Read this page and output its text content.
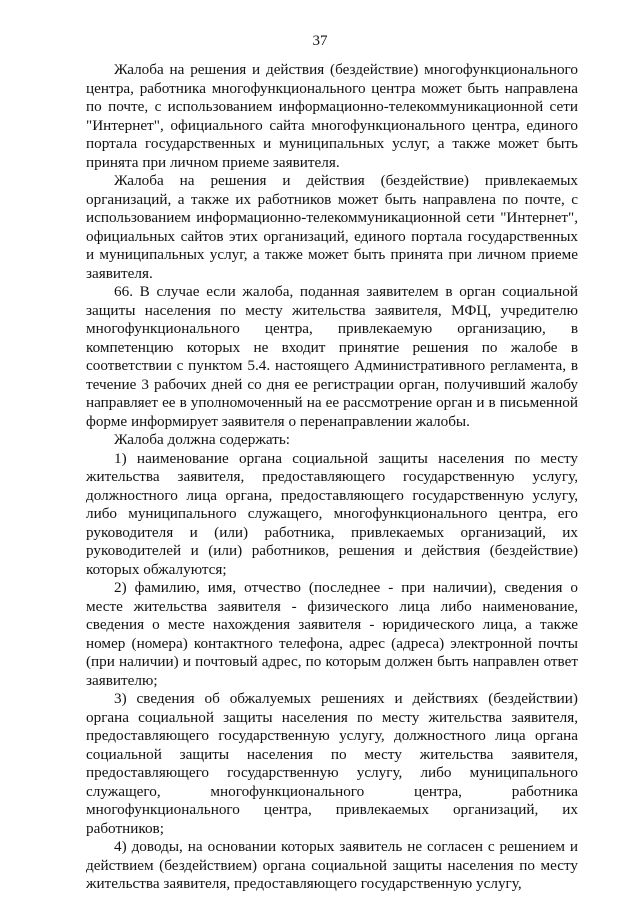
37

Жалоба на решения и действия (бездействие) многофункционального центра, работника многофункционального центра может быть направлена по почте, с использованием информационно-телекоммуникационной сети "Интернет", официального сайта многофункционального центра, единого портала государственных и муниципальных услуг, а также может быть принята при личном приеме заявителя.

Жалоба на решения и действия (бездействие) привлекаемых организаций, а также их работников может быть направлена по почте, с использованием информационно-телекоммуникационной сети "Интернет", официальных сайтов этих организаций, единого портала государственных и муниципальных услуг, а также может быть принята при личном приеме заявителя.

66. В случае если жалоба, поданная заявителем в орган социальной защиты населения по месту жительства заявителя, МФЦ, учредителю многофункционального центра, привлекаемую организацию, в компетенцию которых не входит принятие решения по жалобе в соответствии с пунктом 5.4. настоящего Административного регламента, в течение 3 рабочих дней со дня ее регистрации орган, получивший жалобу направляет ее в уполномоченный на ее рассмотрение орган и в письменной форме информирует заявителя о перенаправлении жалобы.

Жалоба должна содержать:

1) наименование органа социальной защиты населения по месту жительства заявителя, предоставляющего государственную услугу, должностного лица органа, предоставляющего государственную услугу, либо муниципального служащего, многофункционального центра, его руководителя и (или) работника, привлекаемых организаций, их руководителей и (или) работников, решения и действия (бездействие) которых обжалуются;

2) фамилию, имя, отчество (последнее - при наличии), сведения о месте жительства заявителя - физического лица либо наименование, сведения о месте нахождения заявителя - юридического лица, а также номер (номера) контактного телефона, адрес (адреса) электронной почты (при наличии) и почтовый адрес, по которым должен быть направлен ответ заявителю;

3) сведения об обжалуемых решениях и действиях (бездействии) органа социальной защиты населения по месту жительства заявителя, предоставляющего государственную услугу, должностного лица органа социальной защиты населения по месту жительства заявителя, предоставляющего государственную услугу, либо муниципального служащего, многофункционального центра, работника многофункционального центра, привлекаемых организаций, их работников;

4) доводы, на основании которых заявитель не согласен с решением и действием (бездействием) органа социальной защиты населения по месту жительства заявителя, предоставляющего государственную услугу,
